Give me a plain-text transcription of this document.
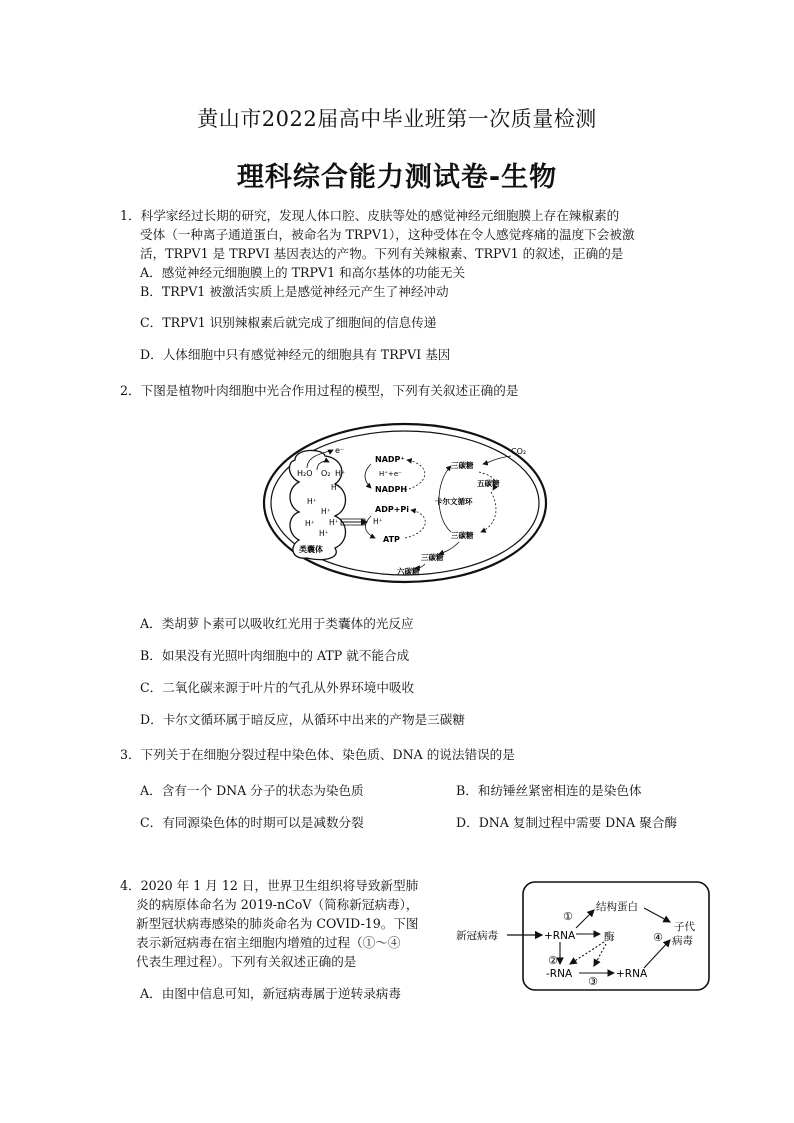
黄山市2022届高中毕业班第一次质量检测
理科综合能力测试卷-生物
1．科学家经过长期的研究，发现人体口腔、皮肤等处的感觉神经元细胞膜上存在辣椒素的
受体（一种离子通道蛋白，被命名为 TRPV1），这种受体在令人感觉疼痛的温度下会被激
活，TRPV1 是 TRPVI 基因表达的产物。下列有关辣椒素、TRPV1 的叙述，正确的是
A．感觉神经元细胞膜上的 TRPV1 和高尔基体的功能无关
B．TRPV1 被激活实质上是感觉神经元产生了神经冲动
C．TRPV1 识别辣椒素后就完成了细胞间的信息传递
D．人体细胞中只有感觉神经元的细胞具有 TRPVI 基因
2．下图是植物叶肉细胞中光合作用过程的模型，下列有关叙述正确的是
e⁻
H₂O O₂ H⁺
H⁺
H⁺
H⁺
H⁺ H⁺
H⁺
H⁺
类囊体
NADP⁺
H⁺+e⁻
NADPH
ADP+Pi
ATP
CO₂
三碳糖
五碳糖
卡尔文循环
三碳糖
三碳糖
六碳糖
A．类胡萝卜素可以吸收红光用于类囊体的光反应
B．如果没有光照叶肉细胞中的 ATP 就不能合成
C．二氧化碳来源于叶片的气孔从外界环境中吸收
D．卡尔文循环属于暗反应，从循环中出来的产物是三碳糖
3．下列关于在细胞分裂过程中染色体、染色质、DNA 的说法错误的是
A．含有一个 DNA 分子的状态为染色质	B．和纺锤丝紧密相连的是染色体
C．有同源染色体的时期可以是减数分裂	D．DNA 复制过程中需要 DNA 聚合酶
4．2020 年 1 月 12 日，世界卫生组织将导致新型肺
炎的病原体命名为 2019-nCoV（简称新冠病毒），
新型冠状病毒感染的肺炎命名为 COVID-19。下图
表示新冠病毒在宿主细胞内增殖的过程（①～④
代表生理过程）。下列有关叙述正确的是
A．由图中信息可知，新冠病毒属于逆转录病毒
新冠病毒	+RNA
结构蛋白
酶
①
②
③
④
子代
病毒
-RNA	+RNA
